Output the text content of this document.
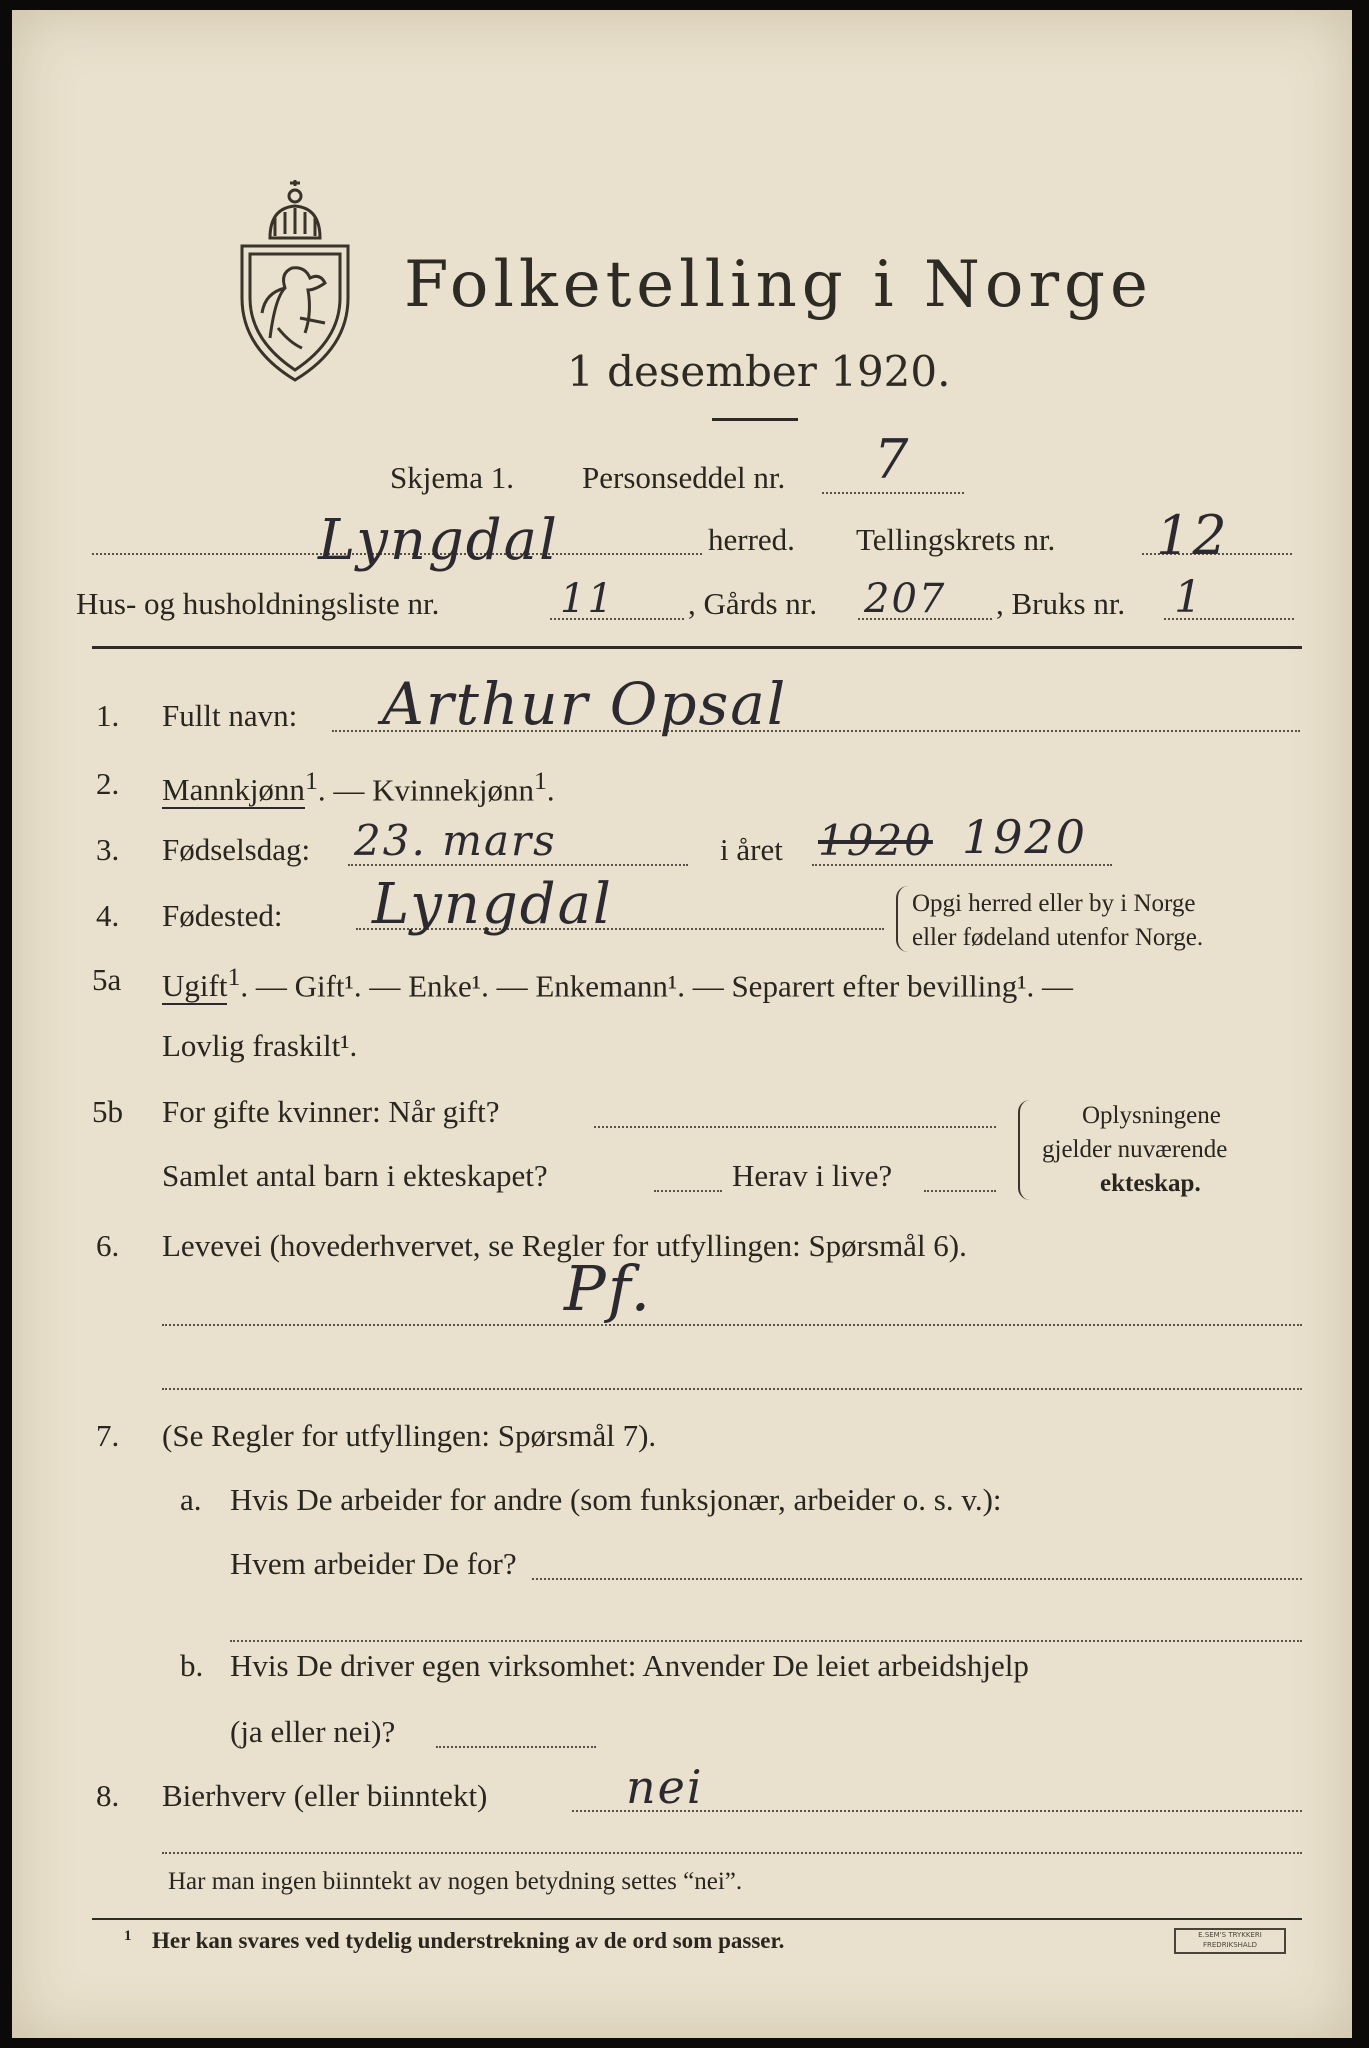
Folketelling i Norge
1 desember 1920.
Skjema 1. Personseddel nr. 7
Lyngdal	herred. Tellingskrets nr. 12
Hus- og husholdningsliste nr.	11 , Gårds nr. 207 , Bruks nr. 1
1. Fullt navn: Arthur Opsal
2. Mannkjønn$^1$. — Kvinnekjønn$^1$.
3. Fødselsdag: 23. mars	i året 1920 1920
4. Fødested: Lyngdal	Opgi herred eller by i Norge
eller fødeland utenfor Norge.
5a Ugift$^1$. — Gift¹. — Enke¹. — Enkemann¹. — Separert efter bevilling¹. —
Lovlig fraskilt¹.
5b For gifte kvinner: Når gift?
Samlet antal barn i ekteskapet?	Herav i live?
Oplysningene
gjelder nuværende
ekteskap.
6. Levevei (hovederhvervet, se Regler for utfyllingen: Spørsmål 6).
Pf.
7. (Se Regler for utfyllingen: Spørsmål 7).
a. Hvis De arbeider for andre (som funksjonær, arbeider o. s. v.):
Hvem arbeider De for?
b. Hvis De driver egen virksomhet: Anvender De leiet arbeidshjelp
(ja eller nei)?
8. Bierhverv (eller biinntekt)	nei
Har man ingen biinntekt av nogen betydning settes “nei”.
1 Her kan svares ved tydelig understrekning av de ord som passer.	E.SEM'S TRYKKERI
FREDRIKSHALD
